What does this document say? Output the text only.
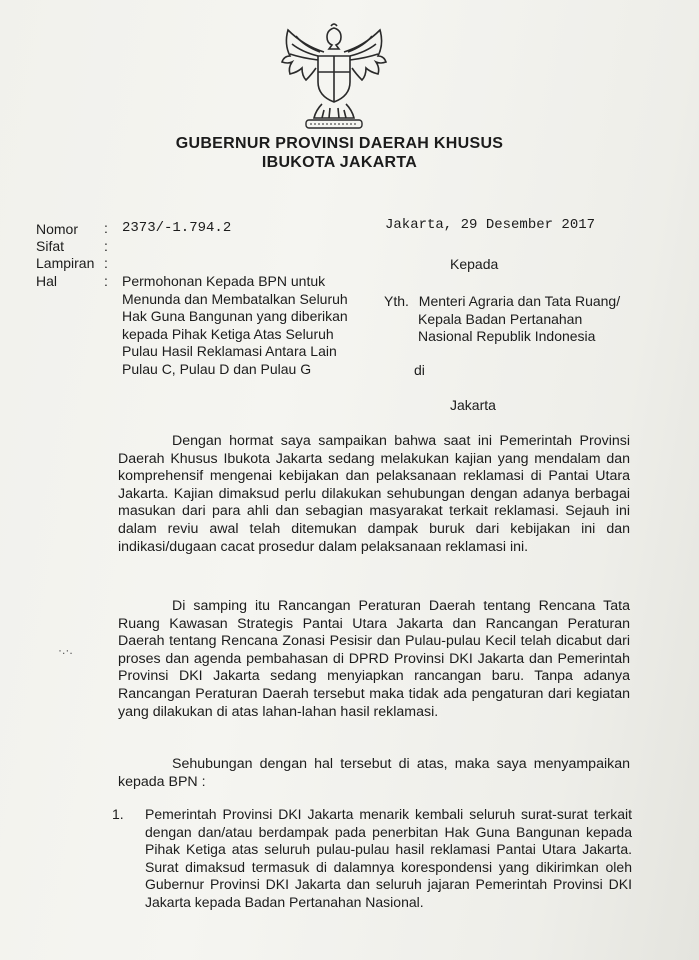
GUBERNUR PROVINSI DAERAH KHUSUS
IBUKOTA JAKARTA
Nomor : 2373/-1.794.2
Sifat	:
Lampiran :
Hal	: Permohonan Kepada BPN untuk
Menunda dan Membatalkan Seluruh
Hak Guna Bangunan yang diberikan
kepada Pihak Ketiga Atas Seluruh
Pulau Hasil Reklamasi Antara Lain
Pulau C, Pulau D dan Pulau G
Jakarta, 29 Desember 2017
Kepada
Yth. Menteri Agraria dan Tata Ruang/
Kepala Badan Pertanahan
Nasional Republik Indonesia
di
Jakarta

Dengan hormat saya sampaikan bahwa saat ini Pemerintah Provinsi Daerah Khusus Ibukota Jakarta sedang melakukan kajian yang mendalam dan komprehensif mengenai kebijakan dan pelaksanaan reklamasi di Pantai Utara Jakarta. Kajian dimaksud perlu dilakukan sehubungan dengan adanya berbagai masukan dari para ahli dan sebagian masyarakat terkait reklamasi. Sejauh ini dalam reviu awal telah ditemukan dampak buruk dari kebijakan ini dan indikasi/dugaan cacat prosedur dalam pelaksanaan reklamasi ini.

Di samping itu Rancangan Peraturan Daerah tentang Rencana Tata Ruang Kawasan Strategis Pantai Utara Jakarta dan Rancangan Peraturan Daerah tentang Rencana Zonasi Pesisir dan Pulau-pulau Kecil telah dicabut dari proses dan agenda pembahasan di DPRD Provinsi DKI Jakarta dan Pemerintah Provinsi DKI Jakarta sedang menyiapkan rancangan baru. Tanpa adanya Rancangan Peraturan Daerah tersebut maka tidak ada pengaturan dari kegiatan yang dilakukan di atas lahan-lahan hasil reklamasi.

·.·.

Sehubungan dengan hal tersebut di atas, maka saya menyampaikan kepada BPN :

1. Pemerintah Provinsi DKI Jakarta menarik kembali seluruh surat-surat terkait dengan dan/atau berdampak pada penerbitan Hak Guna Bangunan kepada Pihak Ketiga atas seluruh pulau-pulau hasil reklamasi Pantai Utara Jakarta. Surat dimaksud termasuk di dalamnya korespondensi yang dikirimkan oleh Gubernur Provinsi DKI Jakarta dan seluruh jajaran Pemerintah Provinsi DKI Jakarta kepada Badan Pertanahan Nasional.
